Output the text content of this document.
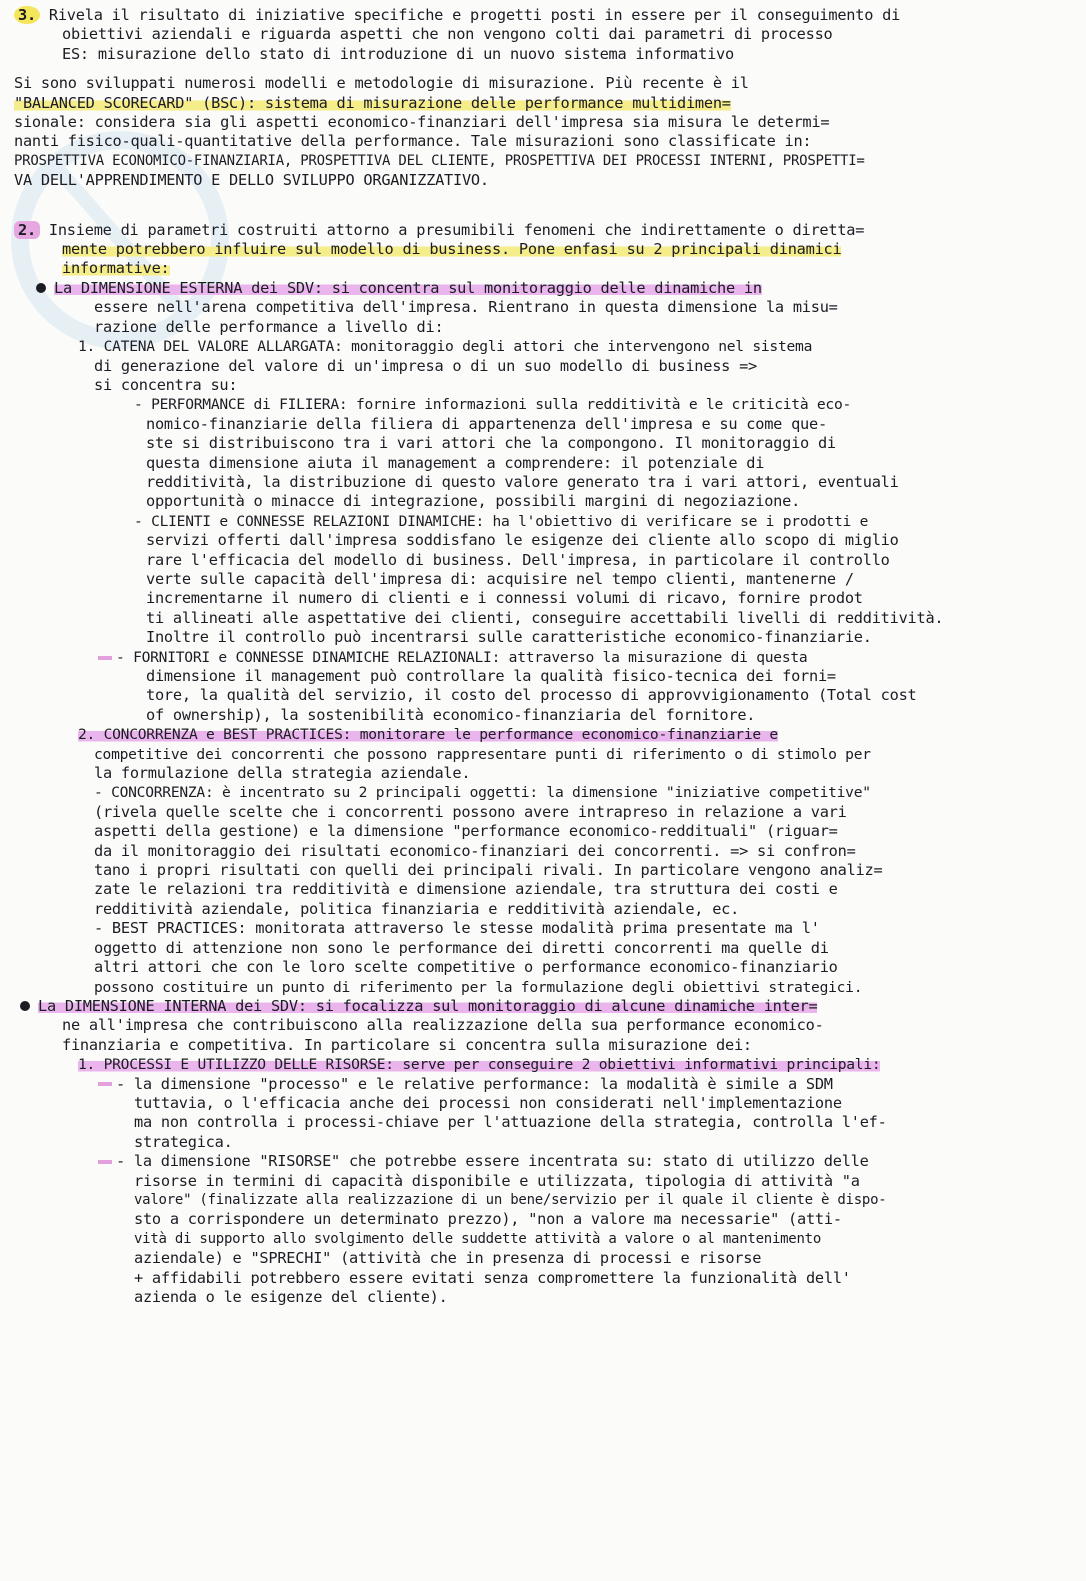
3. Rivela il risultato di iniziative specifiche e progetti posti in essere per il conseguimento di

obiettivi aziendali e riguarda aspetti che non vengono colti dai parametri di processo

ES: misurazione dello stato di introduzione di un nuovo sistema informativo

Si sono sviluppati numerosi modelli e metodologie di misurazione. Più recente è il

"BALANCED SCORECARD" (BSC): sistema di misurazione delle performance multidimen=

sionale: considera sia gli aspetti economico-finanziari dell'impresa sia misura le determi=

nanti fisico-quali-quantitative della performance. Tale misurazioni sono classificate in:

PROSPETTIVA ECONOMICO-FINANZIARIA, PROSPETTIVA DEL CLIENTE, PROSPETTIVA DEI PROCESSI INTERNI, PROSPETTI=

VA DELL'APPRENDIMENTO E DELLO SVILUPPO ORGANIZZATIVO.

2. Insieme di parametri costruiti attorno a presumibili fenomeni che indirettamente o diretta=

mente potrebbero influire sul modello di business. Pone enfasi su 2 principali dinamici

informative:

La DIMENSIONE ESTERNA dei SDV: si concentra sul monitoraggio delle dinamiche in

essere nell'arena competitiva dell'impresa. Rientrano in questa dimensione la misu=

razione delle performance a livello di:

1. CATENA DEL VALORE ALLARGATA: monitoraggio degli attori che intervengono nel sistema

di generazione del valore di un'impresa o di un suo modello di business =>

si concentra su:

- PERFORMANCE di FILIERA: fornire informazioni sulla redditività e le criticità eco-

nomico-finanziarie della filiera di appartenenza dell'impresa e su come que-

ste si distribuiscono tra i vari attori che la compongono. Il monitoraggio di

questa dimensione aiuta il management a comprendere: il potenziale di

redditività, la distribuzione di questo valore generato tra i vari attori, eventuali

opportunità o minacce di integrazione, possibili margini di negoziazione.

- CLIENTI e CONNESSE RELAZIONI DINAMICHE: ha l'obiettivo di verificare se i prodotti e

servizi offerti dall'impresa soddisfano le esigenze dei cliente allo scopo di miglio

rare l'efficacia del modello di business. Dell'impresa, in particolare il controllo

verte sulle capacità dell'impresa di: acquisire nel tempo clienti, mantenerne /

incrementarne il numero di clienti e i connessi volumi di ricavo, fornire prodot

ti allineati alle aspettative dei clienti, conseguire accettabili livelli di redditività.

Inoltre il controllo può incentrarsi sulle caratteristiche economico-finanziarie.

- FORNITORI e CONNESSE DINAMICHE RELAZIONALI: attraverso la misurazione di questa

dimensione il management può controllare la qualità fisico-tecnica dei forni=

tore, la qualità del servizio, il costo del processo di approvvigionamento (Total cost

of ownership), la sostenibilità economico-finanziaria del fornitore.

2. CONCORRENZA e BEST PRACTICES: monitorare le performance economico-finanziarie e

competitive dei concorrenti che possono rappresentare punti di riferimento o di stimolo per

la formulazione della strategia aziendale.

- CONCORRENZA: è incentrato su 2 principali oggetti: la dimensione "iniziative competitive"

(rivela quelle scelte che i concorrenti possono avere intrapreso in relazione a vari

aspetti della gestione) e la dimensione "performance economico-reddituali" (riguar=

da il monitoraggio dei risultati economico-finanziari dei concorrenti. => si confron=

tano i propri risultati con quelli dei principali rivali. In particolare vengono analiz=

zate le relazioni tra redditività e dimensione aziendale, tra struttura dei costi e

redditività aziendale, politica finanziaria e redditività aziendale, ec.

- BEST PRACTICES: monitorata attraverso le stesse modalità prima presentate ma l'

oggetto di attenzione non sono le performance dei diretti concorrenti ma quelle di

altri attori che con le loro scelte competitive o performance economico-finanziario

possono costituire un punto di riferimento per la formulazione degli obiettivi strategici.

La DIMENSIONE INTERNA dei SDV: si focalizza sul monitoraggio di alcune dinamiche inter=

ne all'impresa che contribuiscono alla realizzazione della sua performance economico-

finanziaria e competitiva. In particolare si concentra sulla misurazione dei:

1. PROCESSI E UTILIZZO DELLE RISORSE: serve per conseguire 2 obiettivi informativi principali:

- la dimensione "processo" e le relative performance: la modalità è simile a SDM

tuttavia, o l'efficacia anche dei processi non considerati nell'implementazione

ma non controlla i processi-chiave per l'attuazione della strategia, controlla l'ef-

strategica.

- la dimensione "RISORSE" che potrebbe essere incentrata su: stato di utilizzo delle

risorse in termini di capacità disponibile e utilizzata, tipologia di attività "a

valore" (finalizzate alla realizzazione di un bene/servizio per il quale il cliente è dispo-

sto a corrispondere un determinato prezzo), "non a valore ma necessarie" (atti-

vità di supporto allo svolgimento delle suddette attività a valore o al mantenimento

aziendale) e "SPRECHI" (attività che in presenza di processi e risorse

+ affidabili potrebbero essere evitati senza compromettere la funzionalità dell'

azienda o le esigenze del cliente).
